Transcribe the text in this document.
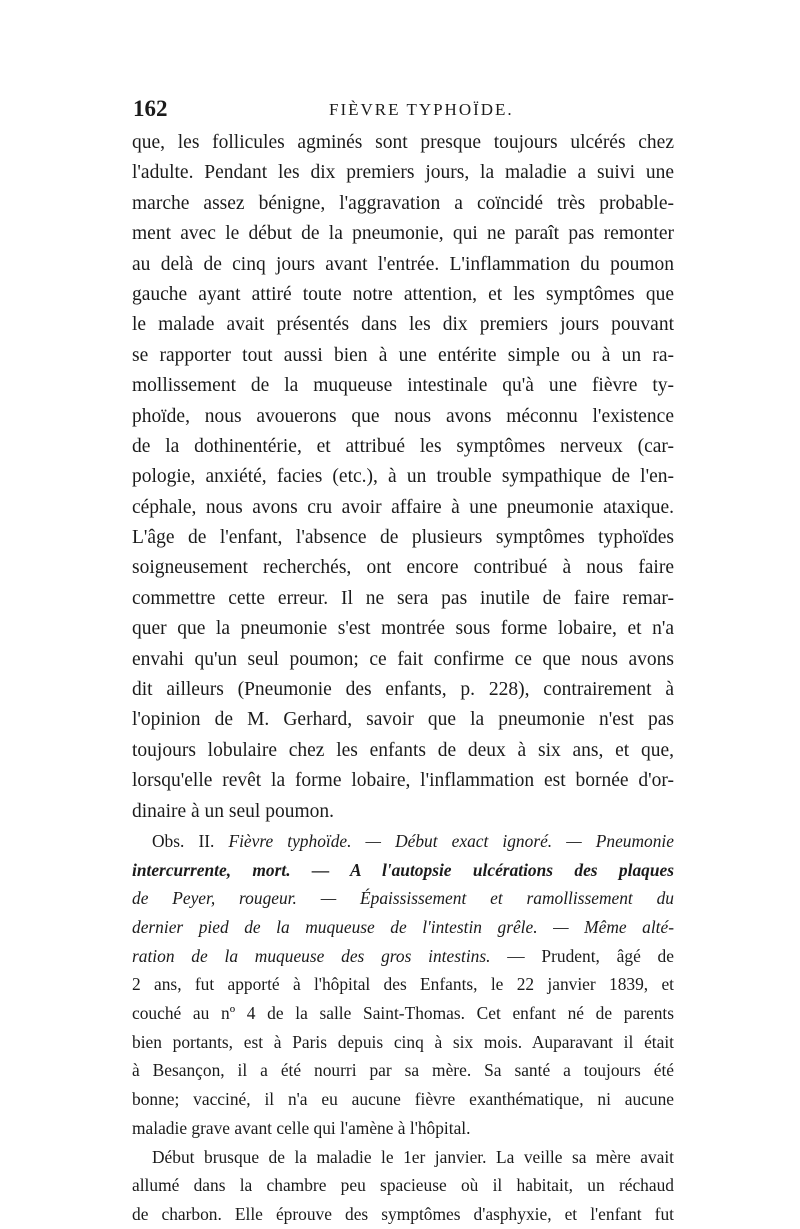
162	FIÈVRE TYPHOÏDE.
que, les follicules agminés sont presque toujours ulcérés chez
l'adulte. Pendant les dix premiers jours, la maladie a suivi une
marche assez bénigne, l'aggravation a coïncidé très probable-
ment avec le début de la pneumonie, qui ne paraît pas remonter
au delà de cinq jours avant l'entrée. L'inflammation du poumon
gauche ayant attiré toute notre attention, et les symptômes que
le malade avait présentés dans les dix premiers jours pouvant
se rapporter tout aussi bien à une entérite simple ou à un ra-
mollissement de la muqueuse intestinale qu'à une fièvre ty-
phoïde, nous avouerons que nous avons méconnu l'existence
de la dothinentérie, et attribué les symptômes nerveux (car-
pologie, anxiété, facies (etc.), à un trouble sympathique de l'en-
céphale, nous avons cru avoir affaire à une pneumonie ataxique.
L'âge de l'enfant, l'absence de plusieurs symptômes typhoïdes
soigneusement recherchés, ont encore contribué à nous faire
commettre cette erreur. Il ne sera pas inutile de faire remar-
quer que la pneumonie s'est montrée sous forme lobaire, et n'a
envahi qu'un seul poumon; ce fait confirme ce que nous avons
dit ailleurs (Pneumonie des enfants, p. 228), contrairement à
l'opinion de M. Gerhard, savoir que la pneumonie n'est pas
toujours lobulaire chez les enfants de deux à six ans, et que,
lorsqu'elle revêt la forme lobaire, l'inflammation est bornée d'or-
dinaire à un seul poumon.
Obs. II. Fièvre typhoïde. — Début exact ignoré. — Pneumonie
intercurrente, mort. — A l'autopsie ulcérations des plaques
de Peyer, rougeur. — Épaississement et ramollissement du
dernier pied de la muqueuse de l'intestin grêle. — Même alté-
ration de la muqueuse des gros intestins. — Prudent, âgé de
2 ans, fut apporté à l'hôpital des Enfants, le 22 janvier 1839, et
couché au nº 4 de la salle Saint-Thomas. Cet enfant né de parents
bien portants, est à Paris depuis cinq à six mois. Auparavant il était
à Besançon, il a été nourri par sa mère. Sa santé a toujours été
bonne; vacciné, il n'a eu aucune fièvre exanthématique, ni aucune
maladie grave avant celle qui l'amène à l'hôpital.
Début brusque de la maladie le 1er janvier. La veille sa mère avait
allumé dans la chambre peu spacieuse où il habitait, un réchaud
de charbon. Elle éprouve des symptômes d'asphyxie, et l'enfant fut
